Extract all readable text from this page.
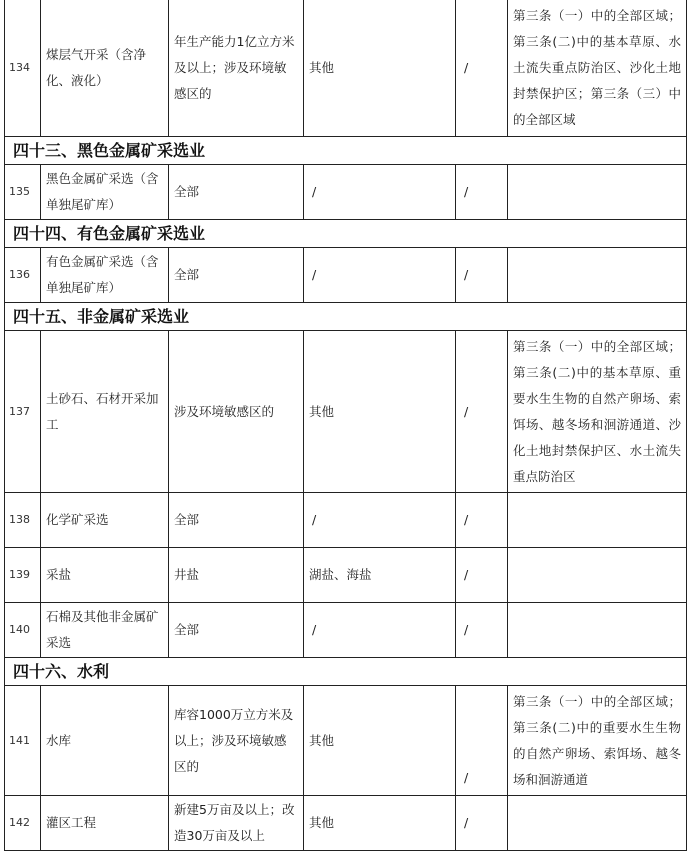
134	煤层气开采（含净化、液化）	年生产能力1亿立方米及以上；涉及环境敏感区的	其他	/	第三条（一）中的全部区域；第三条(二)中的基本草原、水土流失重点防治区、沙化土地封禁保护区；第三条（三）中的全部区域
四十三、黑色金属矿采选业					
135	黑色金属矿采选（含单独尾矿库）	全部	/	/	
四十四、有色金属矿采选业					
136	有色金属矿采选（含单独尾矿库）	全部	/	/	
四十五、非金属矿采选业					
137	土砂石、石材开采加工	涉及环境敏感区的	其他	/	第三条（一）中的全部区域；第三条(二)中的基本草原、重要水生生物的自然产卵场、索饵场、越冬场和洄游通道、沙化土地封禁保护区、水土流失重点防治区
138	化学矿采选	全部	/	/	
139	采盐	井盐	湖盐、海盐	/	
140	石棉及其他非金属矿采选	全部	/	/	
四十六、水利					
141	水库	库容1000万立方米及以上；涉及环境敏感区的	其他	/	第三条（一）中的全部区域；第三条(二)中的重要水生生物的自然产卵场、索饵场、越冬场和洄游通道
142	灌区工程	新建5万亩及以上；改造30万亩及以上	其他	/	
